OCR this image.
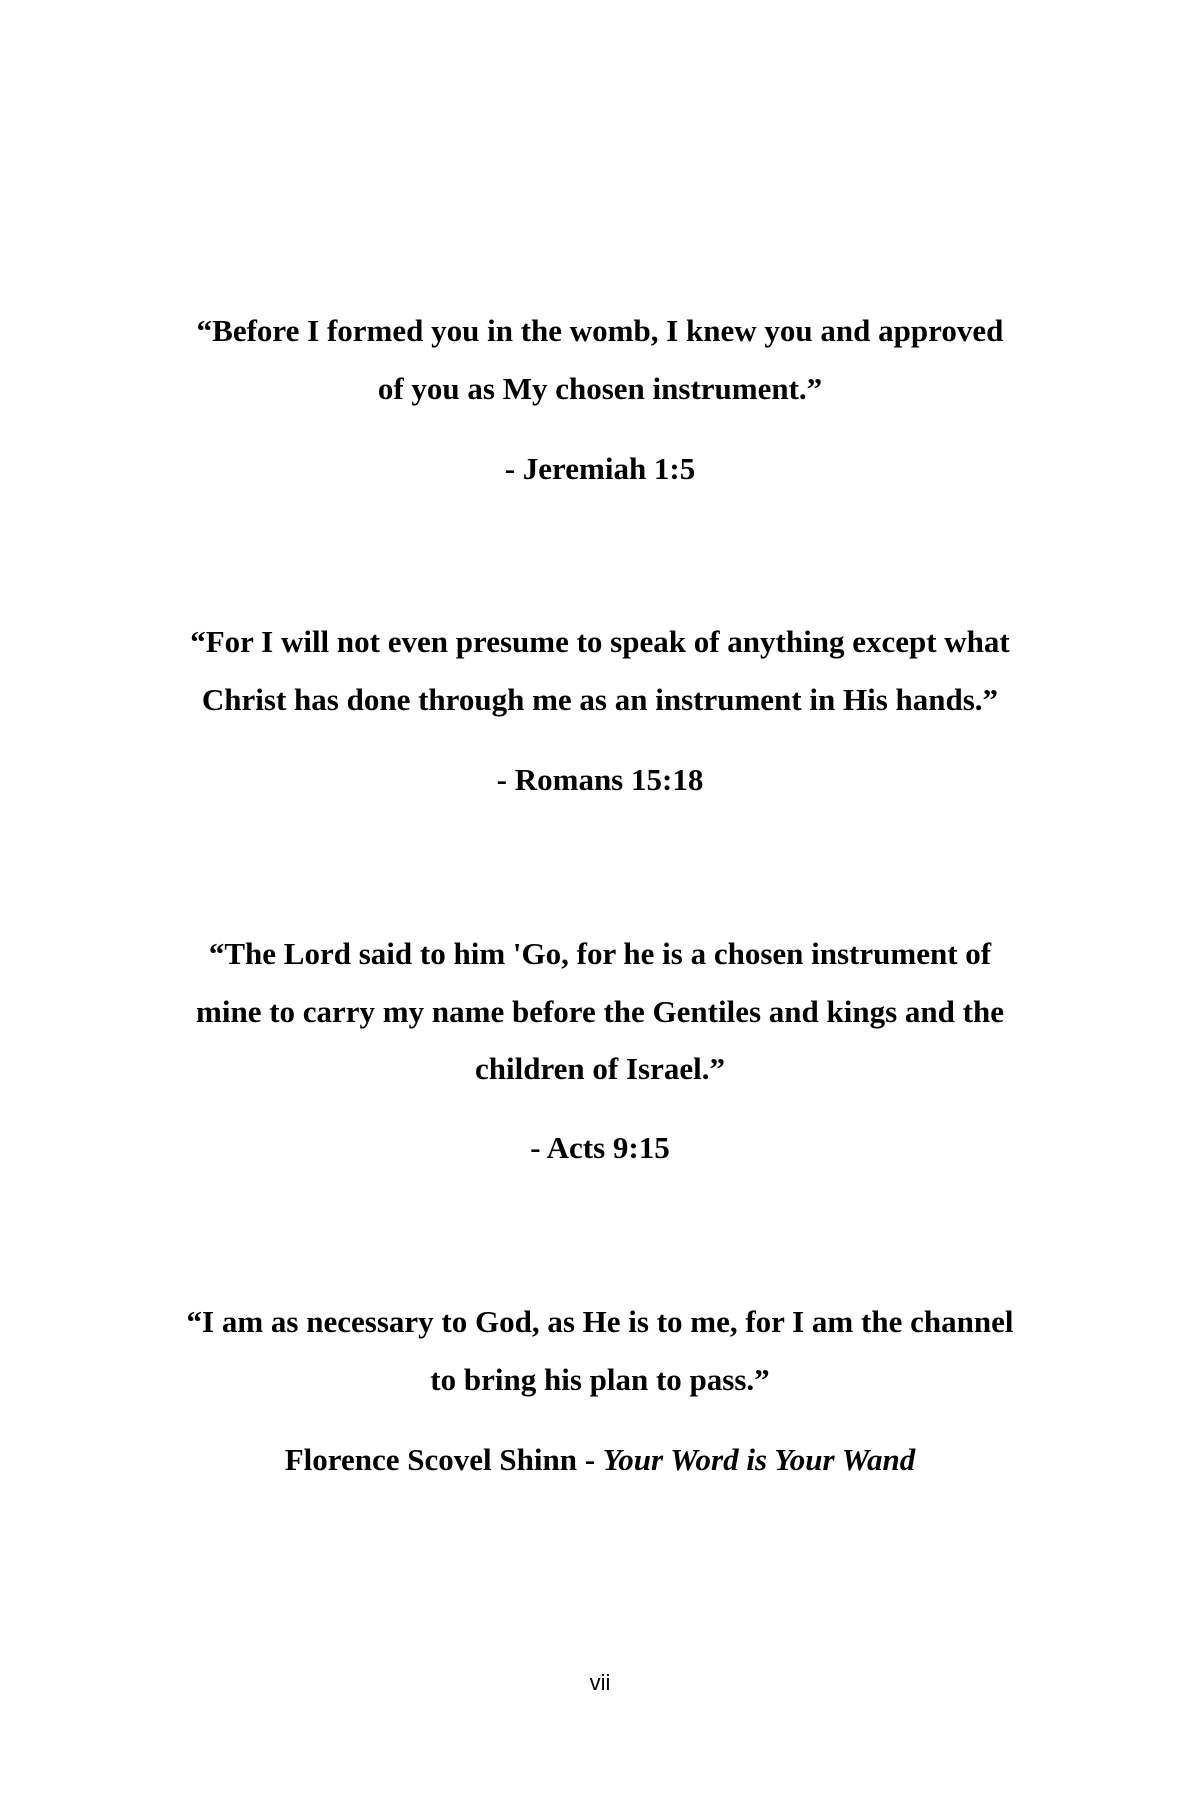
“Before I formed you in the womb, I knew you and approved
of you as My chosen instrument.”
- Jeremiah 1:5
“For I will not even presume to speak of anything except what
Christ has done through me as an instrument in His hands.”
- Romans 15:18
“The Lord said to him 'Go, for he is a chosen instrument of
mine to carry my name before the Gentiles and kings and the
children of Israel.”
- Acts 9:15
“I am as necessary to God, as He is to me, for I am the channel
to bring his plan to pass.”
Florence Scovel Shinn - Your Word is Your Wand
vii
